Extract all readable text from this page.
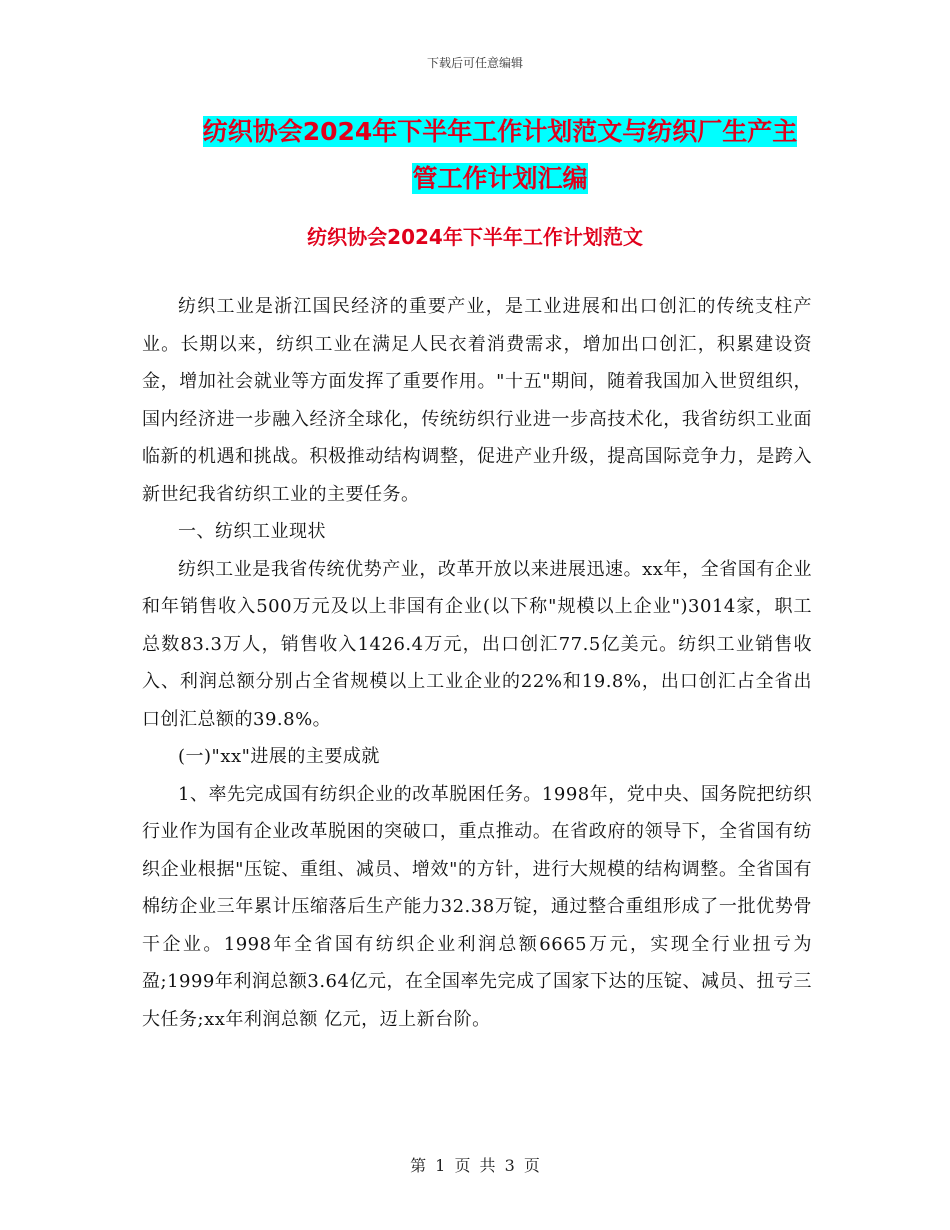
下载后可任意编辑
纺织协会2024年下半年工作计划范文与纺织厂生产主
管工作计划汇编
纺织协会2024年下半年工作计划范文

纺织工业是浙江国民经济的重要产业，是工业进展和出口创汇的传统支柱产业。长期以来，纺织工业在满足人民衣着消费需求，增加出口创汇，积累建设资金，增加社会就业等方面发挥了重要作用。"十五"期间，随着我国加入世贸组织，国内经济进一步融入经济全球化，传统纺织行业进一步高技术化，我省纺织工业面临新的机遇和挑战。积极推动结构调整，促进产业升级，提高国际竞争力，是跨入新世纪我省纺织工业的主要任务。

一、纺织工业现状

纺织工业是我省传统优势产业，改革开放以来进展迅速。xx年，全省国有企业和年销售收入500万元及以上非国有企业(以下称"规模以上企业")3014家，职工总数83.3万人，销售收入1426.4万元，出口创汇77.5亿美元。纺织工业销售收入、利润总额分别占全省规模以上工业企业的22%和19.8%，出口创汇占全省出口创汇总额的39.8%。

(一)"xx"进展的主要成就

1、率先完成国有纺织企业的改革脱困任务。1998年，党中央、国务院把纺织行业作为国有企业改革脱困的突破口，重点推动。在省政府的领导下，全省国有纺织企业根据"压锭、重组、减员、增效"的方针，进行大规模的结构调整。全省国有棉纺企业三年累计压缩落后生产能力32.38万锭，通过整合重组形成了一批优势骨干企业。1998年全省国有纺织企业利润总额6665万元，实现全行业扭亏为盈;1999年利润总额3.64亿元，在全国率先完成了国家下达的压锭、减员、扭亏三大任务;xx年利润总额 亿元，迈上新台阶。

第 1 页 共 3 页
